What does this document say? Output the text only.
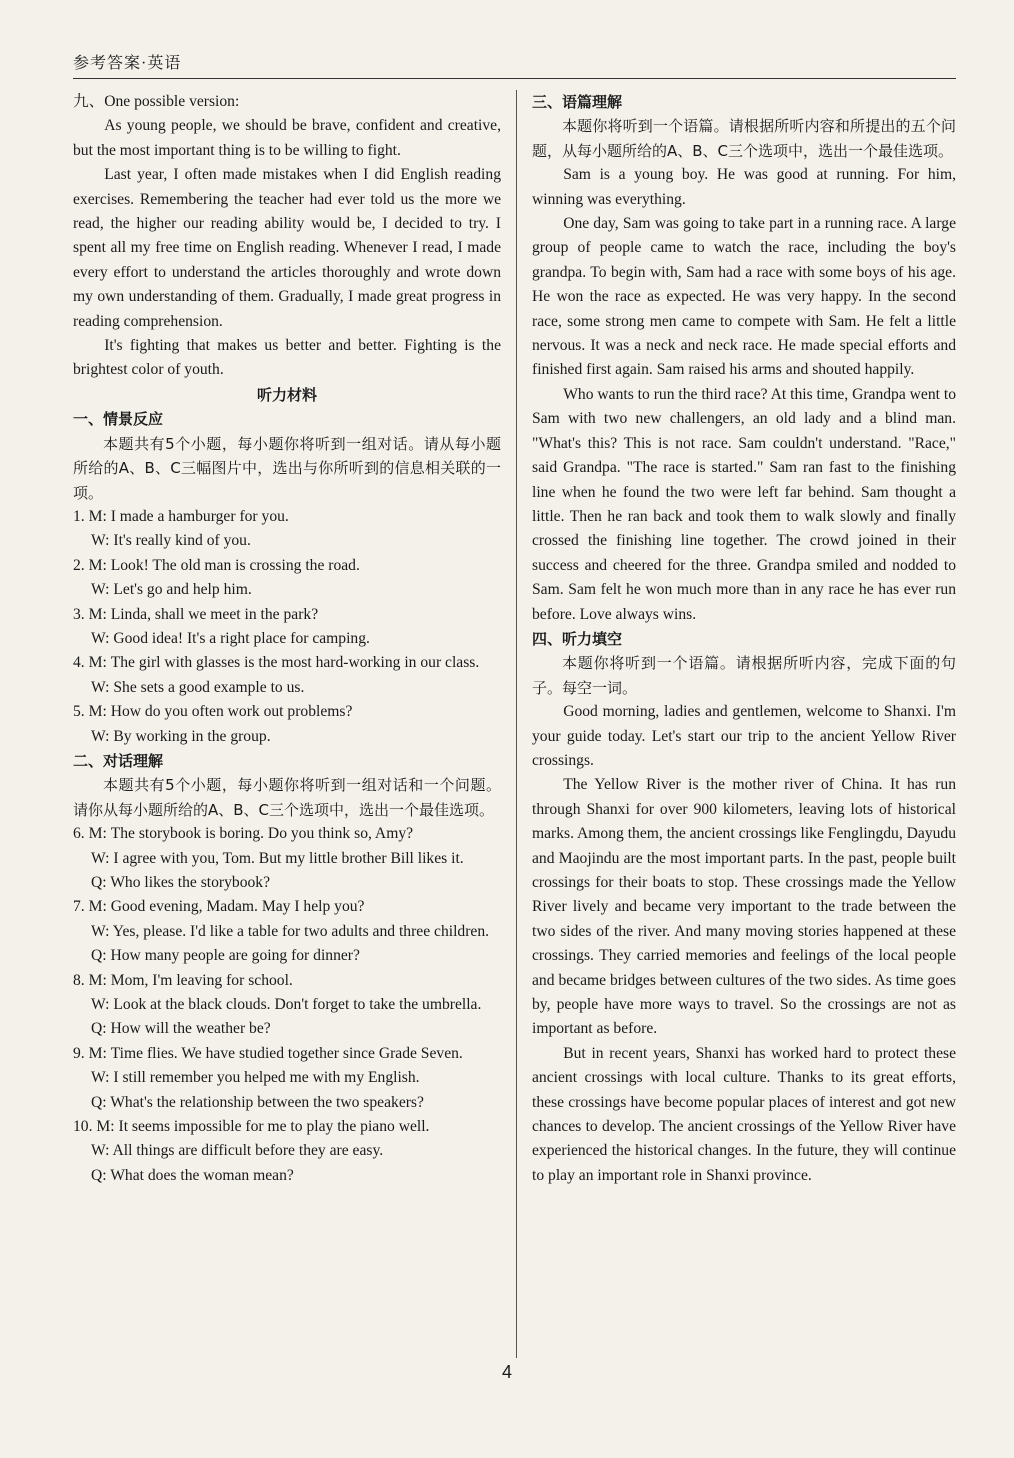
参考答案·英语

九、One possible version:

As young people, we should be brave, confident and creative, but the most important thing is to be willing to fight.

Last year, I often made mistakes when I did English reading exercises. Remembering the teacher had ever told us the more we read, the higher our reading ability would be, I decided to try. I spent all my free time on English reading. Whenever I read, I made every effort to understand the articles thoroughly and wrote down my own understanding of them. Gradually, I made great progress in reading comprehension.

It's fighting that makes us better and better. Fighting is the brightest color of youth.

听力材料

一、情景反应

本题共有5个小题，每小题你将听到一组对话。请从每小题所给的A、B、C三幅图片中，选出与你所听到的信息相关联的一项。

1. M: I made a hamburger for you.
W: It's really kind of you.
2. M: Look! The old man is crossing the road.
W: Let's go and help him.
3. M: Linda, shall we meet in the park?
W: Good idea! It's a right place for camping.
4. M: The girl with glasses is the most hard-working in our class.
W: She sets a good example to us.
5. M: How do you often work out problems?
W: By working in the group.

二、对话理解

本题共有5个小题，每小题你将听到一组对话和一个问题。请你从每小题所给的A、B、C三个选项中，选出一个最佳选项。

6. M: The storybook is boring. Do you think so, Amy?
W: I agree with you, Tom. But my little brother Bill likes it.
Q: Who likes the storybook?
7. M: Good evening, Madam. May I help you?
W: Yes, please. I'd like a table for two adults and three children.
Q: How many people are going for dinner?
8. M: Mom, I'm leaving for school.
W: Look at the black clouds. Don't forget to take the umbrella.
Q: How will the weather be?
9. M: Time flies. We have studied together since Grade Seven.
W: I still remember you helped me with my English.
Q: What's the relationship between the two speakers?
10. M: It seems impossible for me to play the piano well.
W: All things are difficult before they are easy.
Q: What does the woman mean?

三、语篇理解

本题你将听到一个语篇。请根据所听内容和所提出的五个问题，从每小题所给的A、B、C三个选项中，选出一个最佳选项。

Sam is a young boy. He was good at running. For him, winning was everything.

One day, Sam was going to take part in a running race. A large group of people came to watch the race, including the boy's grandpa. To begin with, Sam had a race with some boys of his age. He won the race as expected. He was very happy. In the second race, some strong men came to compete with Sam. He felt a little nervous. It was a neck and neck race. He made special efforts and finished first again. Sam raised his arms and shouted happily.

Who wants to run the third race? At this time, Grandpa went to Sam with two new challengers, an old lady and a blind man. "What's this? This is not race. Sam couldn't understand. "Race," said Grandpa. "The race is started." Sam ran fast to the finishing line when he found the two were left far behind. Sam thought a little. Then he ran back and took them to walk slowly and finally crossed the finishing line together. The crowd joined in their success and cheered for the three. Grandpa smiled and nodded to Sam. Sam felt he won much more than in any race he has ever run before. Love always wins.

四、听力填空

本题你将听到一个语篇。请根据所听内容，完成下面的句子。每空一词。

Good morning, ladies and gentlemen, welcome to Shanxi. I'm your guide today. Let's start our trip to the ancient Yellow River crossings.

The Yellow River is the mother river of China. It has run through Shanxi for over 900 kilometers, leaving lots of historical marks. Among them, the ancient crossings like Fenglingdu, Dayudu and Maojindu are the most important parts. In the past, people built crossings for their boats to stop. These crossings made the Yellow River lively and became very important to the trade between the two sides of the river. And many moving stories happened at these crossings. They carried memories and feelings of the local people and became bridges between cultures of the two sides. As time goes by, people have more ways to travel. So the crossings are not as important as before.

But in recent years, Shanxi has worked hard to protect these ancient crossings with local culture. Thanks to its great efforts, these crossings have become popular places of interest and got new chances to develop. The ancient crossings of the Yellow River have experienced the historical changes. In the future, they will continue to play an important role in Shanxi province.

4
